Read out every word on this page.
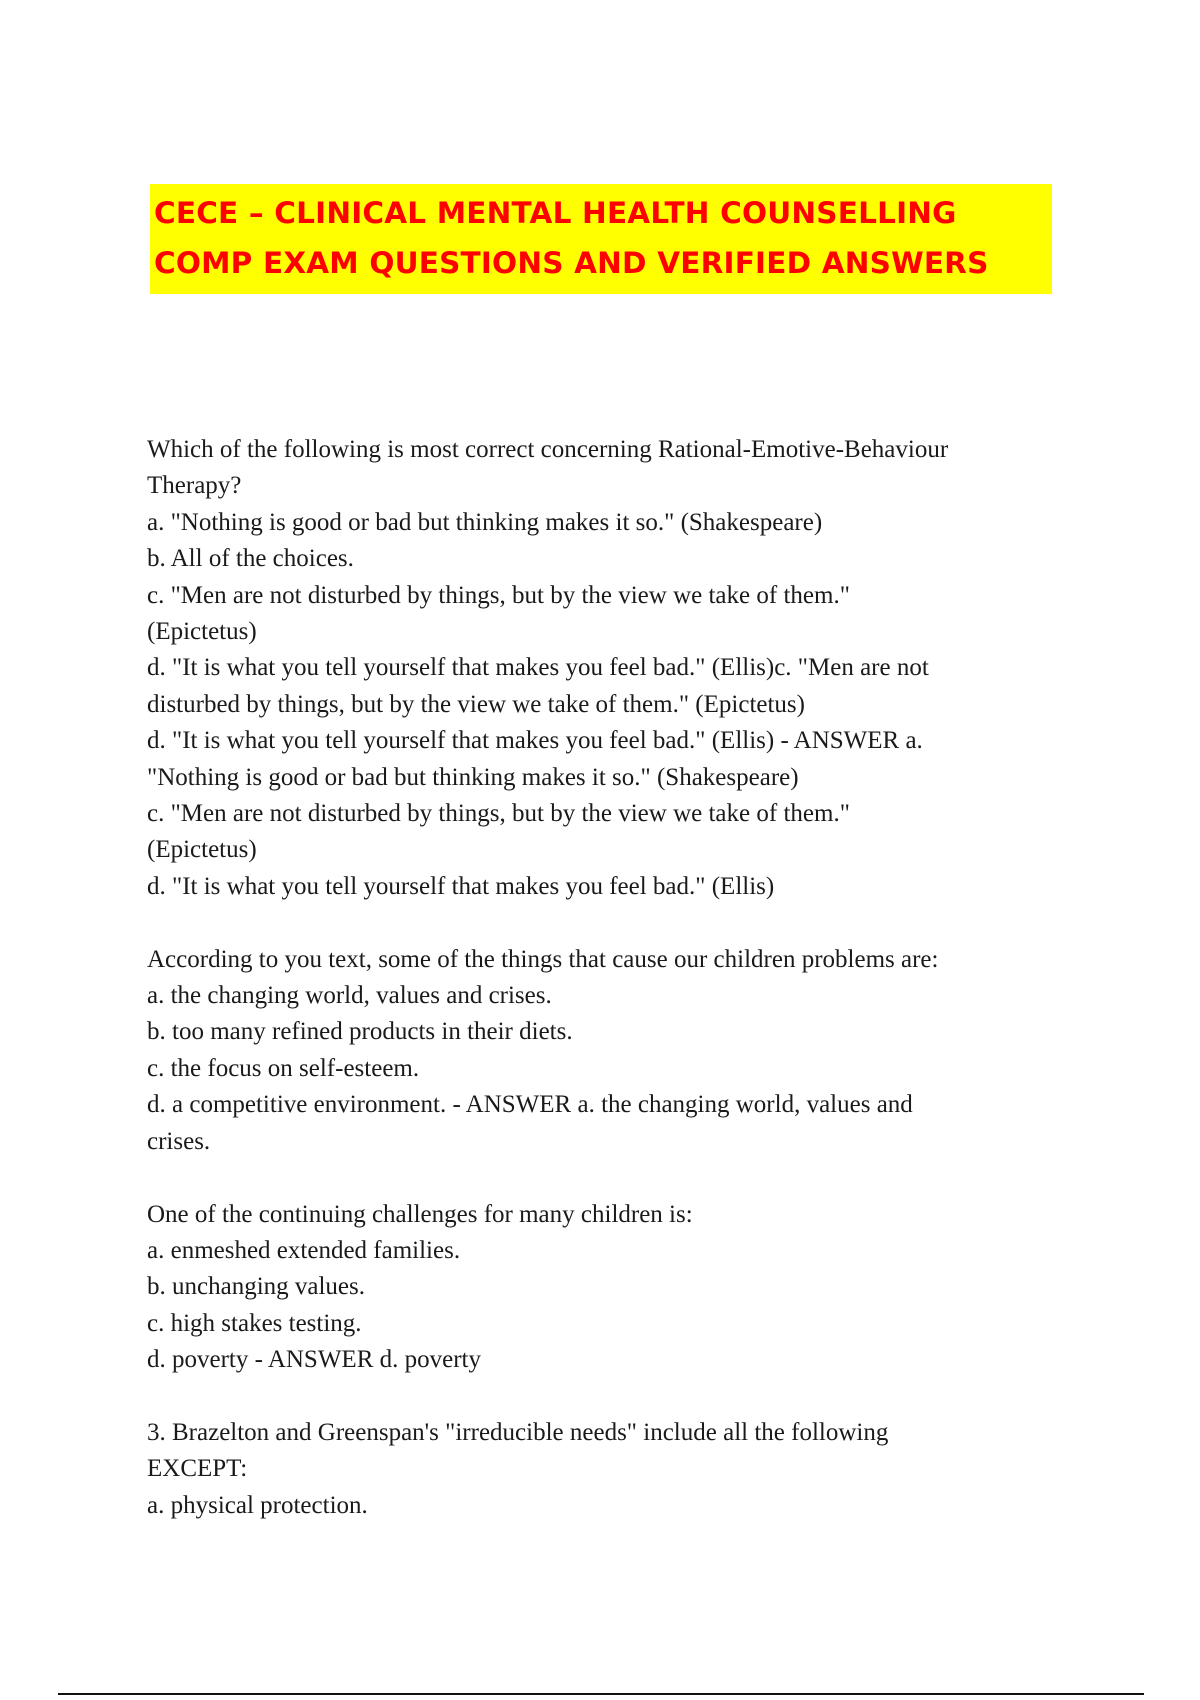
CECE – CLINICAL MENTAL HEALTH COUNSELLING
COMP EXAM QUESTIONS AND VERIFIED ANSWERS
Which of the following is most correct concerning Rational-Emotive-Behaviour
Therapy?
a. "Nothing is good or bad but thinking makes it so." (Shakespeare)
b. All of the choices.
c. "Men are not disturbed by things, but by the view we take of them."
(Epictetus)
d. "It is what you tell yourself that makes you feel bad." (Ellis)c. "Men are not
disturbed by things, but by the view we take of them." (Epictetus)
d. "It is what you tell yourself that makes you feel bad." (Ellis) - ANSWER a.
"Nothing is good or bad but thinking makes it so." (Shakespeare)
c. "Men are not disturbed by things, but by the view we take of them."
(Epictetus)
d. "It is what you tell yourself that makes you feel bad." (Ellis)
According to you text, some of the things that cause our children problems are:
a. the changing world, values and crises.
b. too many refined products in their diets.
c. the focus on self-esteem.
d. a competitive environment. - ANSWER a. the changing world, values and
crises.
One of the continuing challenges for many children is:
a. enmeshed extended families.
b. unchanging values.
c. high stakes testing.
d. poverty - ANSWER d. poverty
3. Brazelton and Greenspan's "irreducible needs" include all the following
EXCEPT:
a. physical protection.
